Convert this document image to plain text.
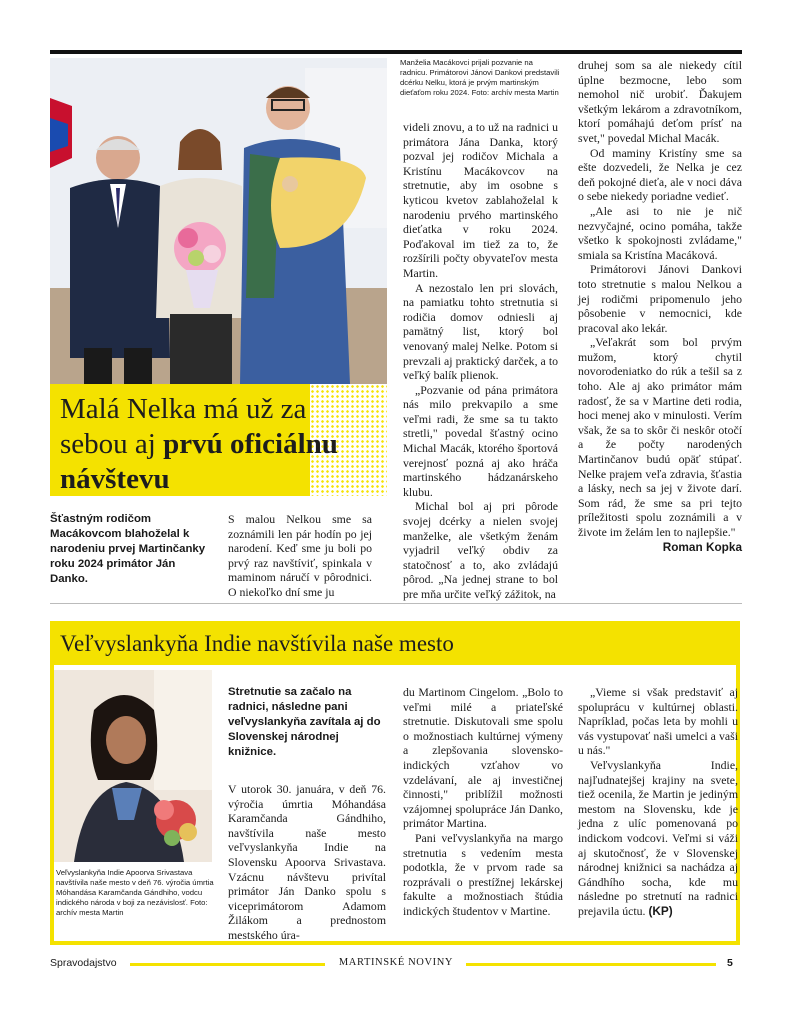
Manželia Macákovci prijali pozvanie na radnicu. Primátorovi Jánovi Dankovi predstavili dcérku Nelku, ktorá je prvým martinským dieťaťom roku 2024. Foto: archív mesta Martin
Malá Nelka má už za sebou aj prvú oficiálnu návštevu
Šťastným rodičom Macákovcom blahoželal k narodeniu prvej Martinčanky roku 2024 primátor Ján Danko.

S malou Nelkou sme sa zoznámili len pár hodín po jej narodení. Keď sme ju boli po prvý raz navštíviť, spinkala v maminom náručí v pôrodnici. O niekoľko dní sme ju

videli znovu, a to už na radnici u primátora Jána Danka, ktorý pozval jej rodičov Michala a Kristínu Macákovcov na stretnutie, aby im osobne s kyticou kvetov zablahoželal k narodeniu prvého martinského dieťatka v roku 2024. Poďakoval im tiež za to, že rozšírili počty obyvateľov mesta Martin.

A nezostalo len pri slovách, na pamiatku tohto stretnutia si rodičia domov odniesli aj pamätný list, ktorý bol venovaný malej Nelke. Potom si prevzali aj praktický darček, a to veľký balík plienok.

„Pozvanie od pána primátora nás milo prekvapilo a sme veľmi radi, že sme sa tu takto stretli," povedal šťastný ocino Michal Macák, ktorého športová verejnosť pozná aj ako hráča martinského hádzanárskeho klubu.

Michal bol aj pri pôrode svojej dcérky a nielen svojej manželke, ale všetkým ženám vyjadril veľký obdiv za statočnosť a to, ako zvládajú pôrod. „Na jednej strane to bol pre mňa určite veľký zážitok, na

druhej som sa ale niekedy cítil úplne bezmocne, lebo som nemohol nič urobiť. Ďakujem všetkým lekárom a zdravotníkom, ktorí pomáhajú deťom prísť na svet," povedal Michal Macák.

Od maminy Kristíny sme sa ešte dozvedeli, že Nelka je cez deň pokojné dieťa, ale v noci dáva o sebe niekedy poriadne vedieť.

„Ale asi to nie je nič nezvyčajné, ocino pomáha, takže všetko k spokojnosti zvládame," smiala sa Kristína Macáková.

Primátorovi Jánovi Dankovi toto stretnutie s malou Nelkou a jej rodičmi pripomenulo jeho pôsobenie v nemocnici, kde pracoval ako lekár.

„Veľakrát som bol prvým mužom, ktorý chytil novorodeniatko do rúk a tešil sa z toho. Ale aj ako primátor mám radosť, že sa v Martine deti rodia, hoci menej ako v minulosti. Verím však, že sa to skôr či neskôr otočí a že počty narodených Martinčanov budú opäť stúpať. Nelke prajem veľa zdravia, šťastia a lásky, nech sa jej v živote darí. Som rád, že sme sa pri tejto príležitosti spolu zoznámili a v živote im želám len to najlepšie."
Roman Kopka

Veľvyslankyňa Indie navštívila naše mesto
Veľvyslankyňa Indie Apoorva Srivastava navštívila naše mesto v deň 76. výročia úmrtia Móhandása Karamčanda Gándhiho, vodcu indického národa v boji za nezávislosť. Foto: archív mesta Martin
Stretnutie sa začalo na radnici, následne pani veľvyslankyňa zavítala aj do Slovenskej národnej knižnice.

V utorok 30. januára, v deň 76. výročia úmrtia Móhandása Karamčanda Gándhiho, navštívila naše mesto veľvyslankyňa Indie na Slovensku Apoorva Srivastava. Vzácnu návštevu privítal primátor Ján Danko spolu s viceprimátorom Adamom Žilákom a prednostom mestského úra-

du Martinom Cingelom. „Bolo to veľmi milé a priateľské stretnutie. Diskutovali sme spolu o možnostiach kultúrnej výmeny a zlepšovania slovensko-indických vzťahov vo vzdelávaní, ale aj investičnej činnosti," priblížil možnosti vzájomnej spolupráce Ján Danko, primátor Martina.

Pani veľvyslankyňa na margo stretnutia s vedením mesta podotkla, že v prvom rade sa rozprávali o prestížnej lekárskej fakulte a možnostiach štúdia indických študentov v Martine.

„Vieme si však predstaviť aj spoluprácu v kultúrnej oblasti. Napríklad, počas leta by mohli u vás vystupovať naši umelci a vaši u nás."

Veľvyslankyňa Indie, najľudnatejšej krajiny na svete, tiež ocenila, že Martin je jediným mestom na Slovensku, kde je jedna z ulíc pomenovaná po indickom vodcovi. Veľmi si váži aj skutočnosť, že v Slovenskej národnej knižnici sa nachádza aj Gándhího socha, kde mu následne po stretnutí na radnici prejavila úctu. (KP)

Spravodajstvo	MARTINSKÉ NOVINY	5
